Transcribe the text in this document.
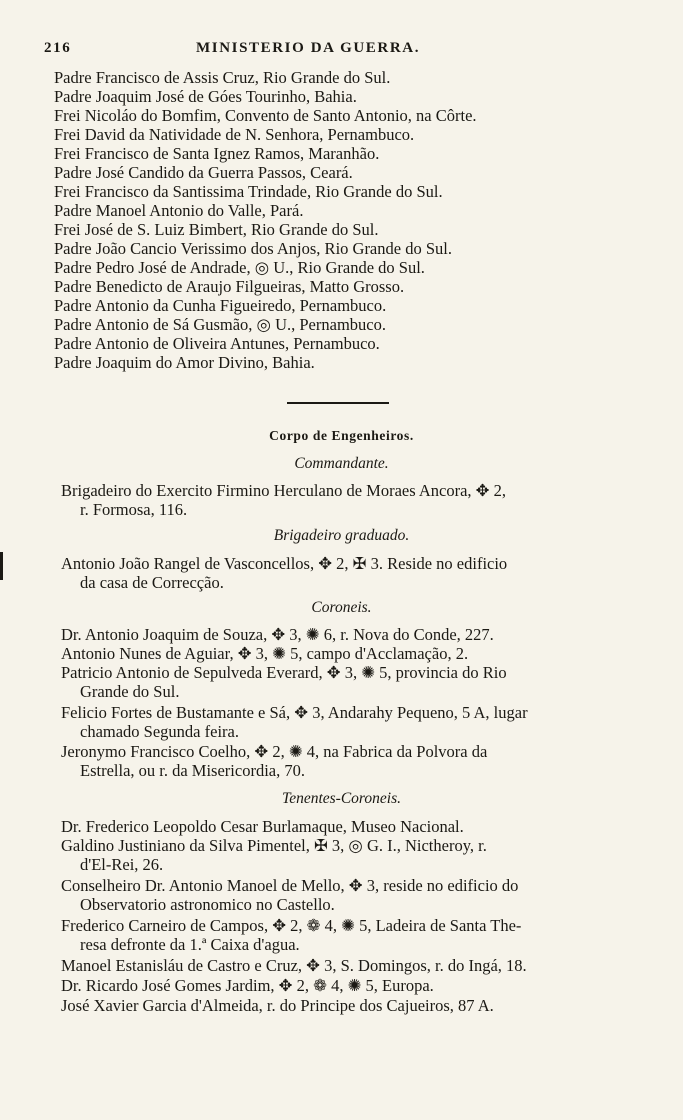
216	MINISTERIO DA GUERRA.
Padre Francisco de Assis Cruz, Rio Grande do Sul.
Padre Joaquim José de Góes Tourinho, Bahia.
Frei Nicoláo do Bomfim, Convento de Santo Antonio, na Côrte.
Frei David da Natividade de N. Senhora, Pernambuco.
Frei Francisco de Santa Ignez Ramos, Maranhão.
Padre José Candido da Guerra Passos, Ceará.
Frei Francisco da Santissima Trindade, Rio Grande do Sul.
Padre Manoel Antonio do Valle, Pará.
Frei José de S. Luiz Bimbert, Rio Grande do Sul.
Padre João Cancio Verissimo dos Anjos, Rio Grande do Sul.
Padre Pedro José de Andrade, ◎ U., Rio Grande do Sul.
Padre Benedicto de Araujo Filgueiras, Matto Grosso.
Padre Antonio da Cunha Figueiredo, Pernambuco.
Padre Antonio de Sá Gusmão, ◎ U., Pernambuco.
Padre Antonio de Oliveira Antunes, Pernambuco.
Padre Joaquim do Amor Divino, Bahia.
Corpo de Engenheiros.
Commandante.
Brigadeiro do Exercito Firmino Herculano de Moraes Ancora, ✥ 2,
r. Formosa, 116.
Brigadeiro graduado.
Antonio João Rangel de Vasconcellos, ✥ 2, ✠ 3. Reside no edificio
da casa de Correcção.
Coroneis.
Dr. Antonio Joaquim de Souza, ✥ 3, ✺ 6, r. Nova do Conde, 227.
Antonio Nunes de Aguiar, ✥ 3, ✺ 5, campo d'Acclamação, 2.
Patricio Antonio de Sepulveda Everard, ✥ 3, ✺ 5, provincia do Rio
Grande do Sul.
Felicio Fortes de Bustamante e Sá, ✥ 3, Andarahy Pequeno, 5 A, lugar
chamado Segunda feira.
Jeronymo Francisco Coelho, ✥ 2, ✺ 4, na Fabrica da Polvora da
Estrella, ou r. da Misericordia, 70.
Tenentes-Coroneis.
Dr. Frederico Leopoldo Cesar Burlamaque, Museo Nacional.
Galdino Justiniano da Silva Pimentel, ✠ 3, ◎ G. I., Nictheroy, r.
d'El-Rei, 26.
Conselheiro Dr. Antonio Manoel de Mello, ✥ 3, reside no edificio do
Observatorio astronomico no Castello.
Frederico Carneiro de Campos, ✥ 2, ❁ 4, ✺ 5, Ladeira de Santa The-
resa defronte da 1.ª Caixa d'agua.
Manoel Estanisláu de Castro e Cruz, ✥ 3, S. Domingos, r. do Ingá, 18.
Dr. Ricardo José Gomes Jardim, ✥ 2, ❁ 4, ✺ 5, Europa.
José Xavier Garcia d'Almeida, r. do Principe dos Cajueiros, 87 A.
